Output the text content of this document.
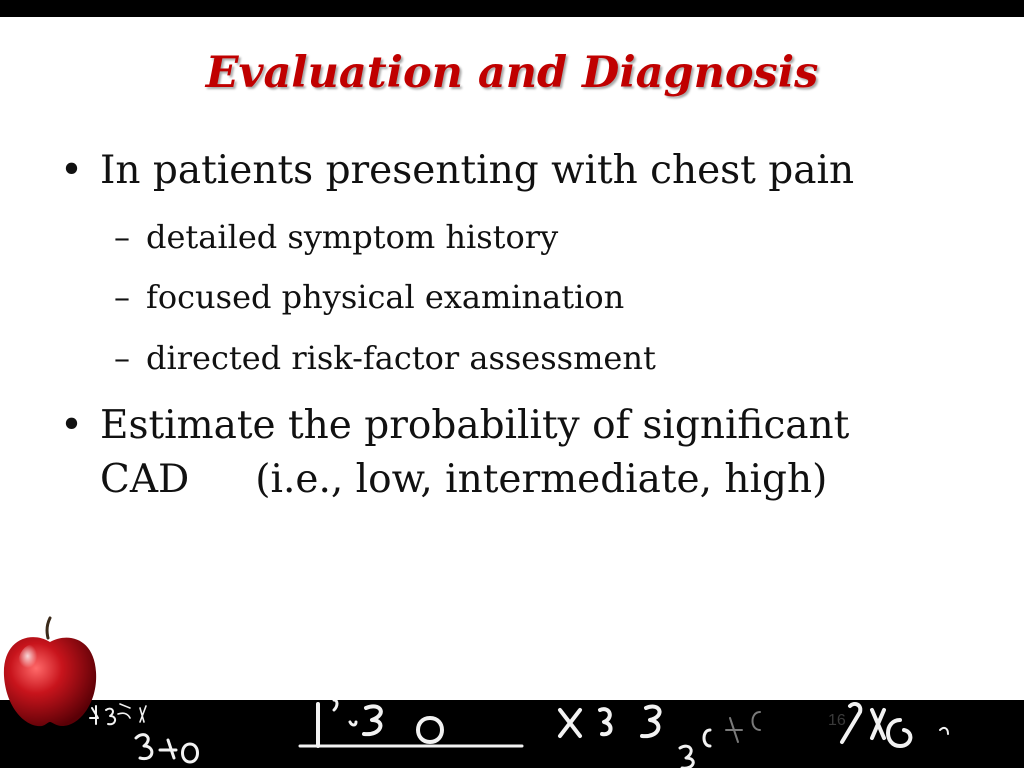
Evaluation and Diagnosis
• In patients presenting with chest pain
– detailed symptom history
– focused physical examination
– directed risk-factor assessment
• Estimate the probability of significant
CAD (i.e., low, intermediate, high)
16
